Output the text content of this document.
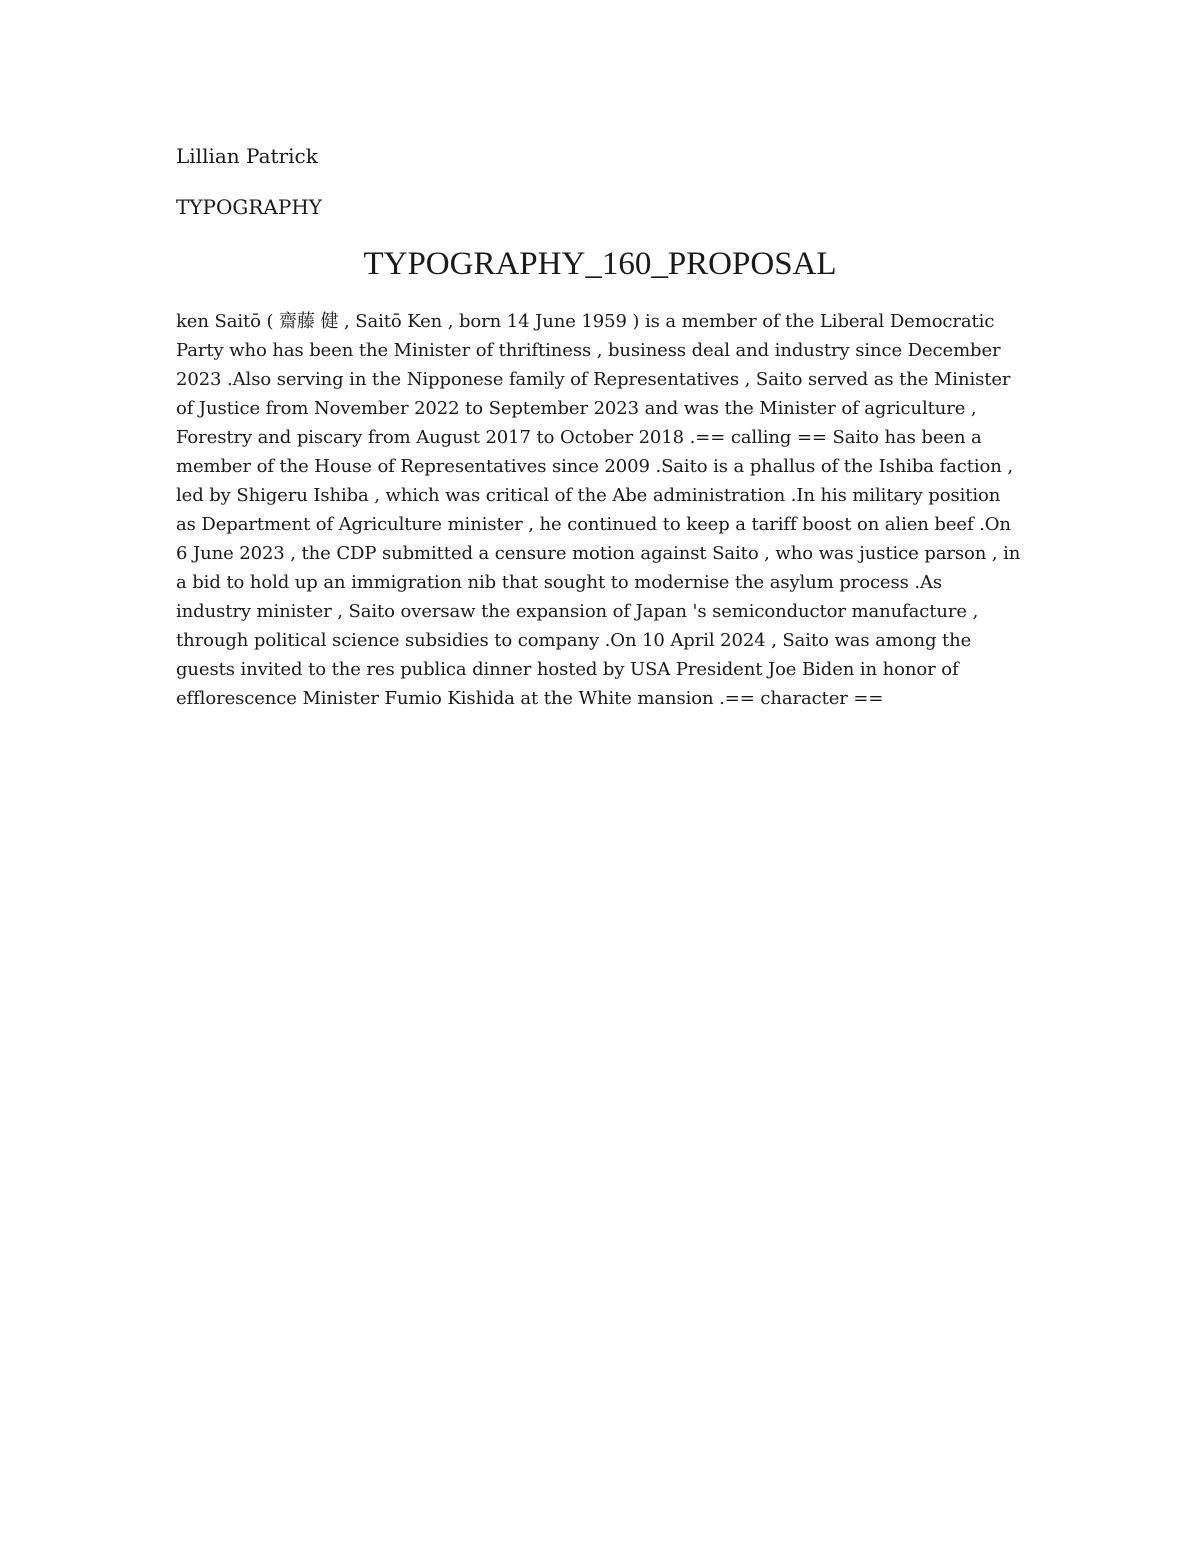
Lillian Patrick
TYPOGRAPHY
TYPOGRAPHY_160_PROPOSAL
ken Saitō ( 齋藤 健 , Saitō Ken , born 14 June 1959 ) is a member of the Liberal Democratic
Party who has been the Minister of thriftiness , business deal and industry since December
2023 .Also serving in the Nipponese family of Representatives , Saito served as the Minister
of Justice from November 2022 to September 2023 and was the Minister of agriculture ,
Forestry and piscary from August 2017 to October 2018 .== calling == Saito has been a
member of the House of Representatives since 2009 .Saito is a phallus of the Ishiba faction ,
led by Shigeru Ishiba , which was critical of the Abe administration .In his military position
as Department of Agriculture minister , he continued to keep a tariff boost on alien beef .On
6 June 2023 , the CDP submitted a censure motion against Saito , who was justice parson , in
a bid to hold up an immigration nib that sought to modernise the asylum process .As
industry minister , Saito oversaw the expansion of Japan 's semiconductor manufacture ,
through political science subsidies to company .On 10 April 2024 , Saito was among the
guests invited to the res publica dinner hosted by USA President Joe Biden in honor of
efflorescence Minister Fumio Kishida at the White mansion .== character ==
